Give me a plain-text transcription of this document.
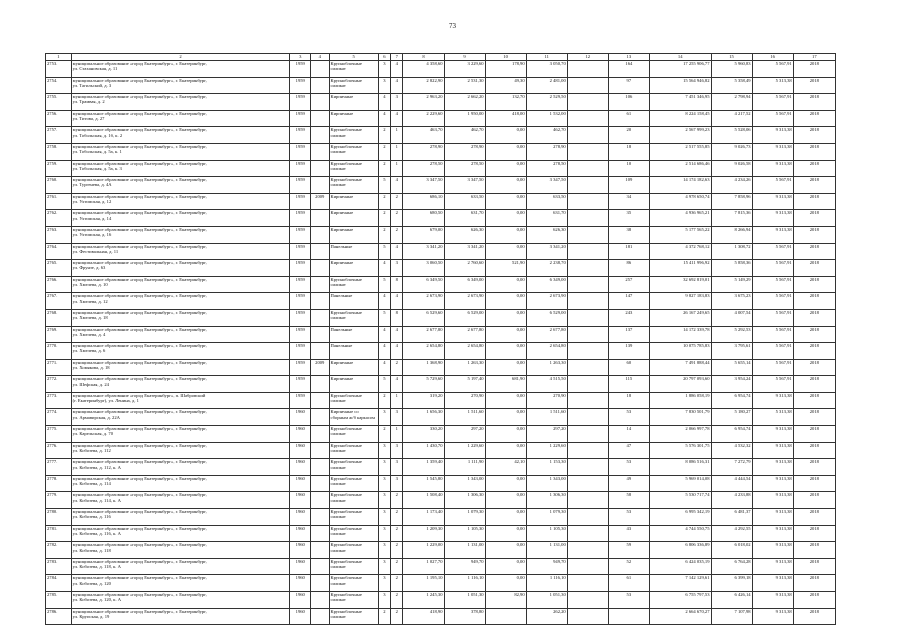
73
1	2	3	4	5	6	7	8	9	10	11	12	13	14	15	16	17
2753.	муниципальное образование «город Екатеринбург», г. Екатеринбург,
ул. Стахановская, д. 11	1959		Крупноблочные силикат	3	4	4 358,60	3 229,60	178,90	3 050,70		164	17 255 906,77	5 960,83	5 567,91	2018
2754.	муниципальное образование «город Екатеринбург», г. Екатеринбург,
ул. Тагильский, д. 3	1959		Крупноблочные силикат	3	4	2 822,90	2 531,30	49,30	2 481,00		97	15 564 946,82	5 358,49	5 313,38	2018
2755.	муниципальное образование «город Екатеринбург», г. Екатеринбург,
ул. Трамвая, д. 2	1959		Кирпичные	4	3	2 963,20	2 662,20	132,70	2 529,50		106	7 451 346,95	2 798,94	5 567,91	2018
2756.	муниципальное образование «город Екатеринбург», г. Екатеринбург,
ул. Титова, д. 27	1959		Кирпичные	4	4	2 229,60	1 950,00	418,00	1 532,00		61	8 224 158,45	4 217,52	5 567,91	2018
2757.	муниципальное образование «город Екатеринбург», г. Екатеринбург,
ул. Тобольская, д. 1б, к. 2	1959		Крупноблочные силикат	2	1	463,70	462,70	0,00	462,70		20	2 567 999,23	5 528,06	9 313,38	2018
2758.	муниципальное образование «город Екатеринбург», г. Екатеринбург,
ул. Тобольская, д. 5а, к. 1	1959		Крупноблочные силикат	2	1	278,90	278,90	0,00	278,90		18	2 517 555,85	9 026,73	9 313,38	2018
2759.	муниципальное образование «город Екатеринбург», г. Екатеринбург,
ул. Тобольская, д. 5а, к. 3	1959		Крупноблочные силикат	2	1	278,50	278,50	0,00	278,50		10	2 514 686,46	9 026,58	9 313,38	2018
2760.	муниципальное образование «город Екатеринбург», г. Екатеринбург,
ул. Тургенева, д. 4А	1959		Крупноблочные силикат	5	4	3 347,50	3 347,50	0,00	3 347,50		109	14 174 182,63	4 234,26	5 567,91	2018
2761.	муниципальное образование «город Екатеринбург», г. Екатеринбург,
ул. Ухтомская, д. 12	1959	2009	Кирпичные	2	2	686,10	633,50	0,00	633,50		34	4 978 650,74	7 858,96	9 313,38	2018
2762.	муниципальное образование «город Екатеринбург», г. Екатеринбург,
ул. Ухтомская, д. 14	1959		Кирпичные	2	2	680,50	631,70	0,00	631,70		35	4 936 965,21	7 815,36	9 313,38	2018
2763.	муниципальное образование «город Екатеринбург», г. Екатеринбург,
ул. Ухтомская, д. 16	1959		Кирпичные	2	2	679,00	626,30	0,00	626,30		38	5 177 565,22	8 266,94	9 313,38	2018
2764.	муниципальное образование «город Екатеринбург», г. Екатеринбург,
ул. Фестивальная, д. 11	1959		Панельные	5	4	3 341,20	3 341,20	0,00	3 341,20		181	4 372 768,12	1 308,72	5 567,91	2018
2765.	муниципальное образование «город Екатеринбург», г. Екатеринбург,
ул. Фрунзе, д. 63	1959		Кирпичные	4	3	3 060,50	2 760,60	521,90	2 238,70		86	15 411 996,92	5 858,36	5 567,91	2018
2766.	муниципальное образование «город Екатеринбург», г. Екатеринбург,
ул. Хмелева, д. 10	1959		Крупноблочные силикат	5	8	6 349,50	6 349,00	0,00	6 349,00		257	32 692 819,01	5 149,29	5 567,91	2018
2767.	муниципальное образование «город Екатеринбург», г. Екатеринбург,
ул. Хмелева, д. 12	1959		Панельные	4	4	2 673,90	2 673,90	0,00	2 673,90		147	9 827 183,83	3 675,23	5 567,91	2018
2768.	муниципальное образование «город Екатеринбург», г. Екатеринбург,
ул. Хмелева, д. 18	1959		Крупноблочные силикат	5	8	6 529,60	6 529,00	0,00	6 529,00		243	26 167 249,65	4 007,54	5 567,91	2018
2769.	муниципальное образование «город Екатеринбург», г. Екатеринбург,
ул. Хмелева, д. 4	1959		Панельные	4	4	2 677,80	2 677,80	0,00	2 677,80		137	14 172 339,78	5 292,53	5 567,91	2018
2770.	муниципальное образование «город Екатеринбург», г. Екатеринбург,
ул. Хмелева, д. 6	1959		Панельные	4	4	2 654,80	2 654,80	0,00	2 654,80		139	10 075 785,83	3 795,61	5 567,91	2018
2771.	муниципальное образование «город Екатеринбург», г. Екатеринбург,
ул. Хомякова, д. 18	1959	2009	Кирпичные	4	2	1 368,90	1 263,30	0,00	1 263,30		60	7 491 888,44	5 655,14	5 567,91	2018
2772.	муниципальное образование «город Екатеринбург», г. Екатеринбург,
ул. Шефская, д. 24	1959		Кирпичные	5	4	5 729,60	5 197,40	681,90	4 515,50		115	20 797 093,60	3 954,24	5 567,91	2018
2773.	муниципальное образование «город Екатеринбург», п. Шабровский
(г. Екатеринбург), ул. Ленина, д. 1	1959		Крупноблочные силикат	2	1	319,20	270,90	0,00	270,90		18	1 886 058,19	6 954,74	9 313,38	2018
2774.	муниципальное образование «город Екатеринбург», г. Екатеринбург,
ул. Армавирская, д. 22А	1960		Кирпичные со сборным ж/б каркасом	3	3	1 656,30	1 511,60	0,00	1 511,60		53	7 830 501,79	5 180,27	5 313,38	2018
2775.	муниципальное образование «город Екатеринбург», г. Екатеринбург,
ул. Карельская, д. 70	1960		Крупноблочные силикат	2	1	330,20	297,20	0,00	297,20		14	2 066 997,78	6 954,74	9 313,38	2018
2776.	муниципальное образование «город Екатеринбург», г. Екатеринбург,
ул. Кобозева, д. 112	1960		Крупноблочные силикат	3	3	1 430,70	1 229,60	0,00	1 229,60		47	5 576 301,75	4 532,32	9 313,38	2018
2777.	муниципальное образование «город Екатеринбург», г. Екатеринбург,
ул. Кобозева, д. 112, к. А	1960		Крупноблочные силикат	3	3	1 359,40	1 111,90	42,10	1 153,30		53	8 086 516,31	7 272,79	9 313,38	2018
2778.	муниципальное образование «город Екатеринбург», г. Екатеринбург,
ул. Кобозева, д. 114	1960		Крупноблочные силикат	3	3	1 545,80	1 343,00	0,00	1 343,00		49	5 969 014,08	4 444,54	9 313,38	2018
2779.	муниципальное образование «город Екатеринбург», г. Екатеринбург,
ул. Кобозева, д. 114, к. А	1960		Крупноблочные силикат	3	2	1 508,40	1 306,30	0,00	1 306,30		58	5 530 717,74	4 233,88	9 313,38	2018
2780.	муниципальное образование «город Екатеринбург», г. Екатеринбург,
ул. Кобозева, д. 116	1960		Крупноблочные силикат	3	2	1 173,40	1 079,30	0,00	1 079,30		53	6 995 342,19	6 481,37	9 313,38	2018
2781.	муниципальное образование «город Екатеринбург», г. Екатеринбург,
ул. Кобозева, д. 116, к. А	1960		Крупноблочные силикат	3	2	1 209,30	1 105,30	0,00	1 105,30		43	4 744 550,75	4 292,55	9 313,38	2018
2782.	муниципальное образование «город Екатеринбург», г. Екатеринбург,
ул. Кобозева, д. 118	1960		Крупноблочные силикат	3	2	1 229,00	1 131,00	0,00	1 131,00		59	6 806 336,89	6 018,02	9 313,38	2018
2783.	муниципальное образование «город Екатеринбург», г. Екатеринбург,
ул. Кобозева, д. 118, к. А	1960		Крупноблочные силикат	3	2	1 027,70	949,70	0,00	949,70		52	6 424 035,19	6 764,28	9 313,38	2018
2784.	муниципальное образование «город Екатеринбург», г. Екатеринбург,
ул. Кобозева, д. 120	1960		Крупноблочные силикат	3	2	1 195,10	1 116,10	0,00	1 116,10		61	7 142 129,61	6 399,18	9 313,38	2018
2785.	муниципальное образование «город Екатеринбург», г. Екатеринбург,
ул. Кобозева, д. 120, к. А	1960		Крупноблочные силикат	3	2	1 245,30	1 051,30	82,90	1 051,30		53	6 755 797,53	6 426,14	9 313,38	2018
2786.	муниципальное образование «город Екатеринбург», г. Екатеринбург,
ул. Крупская, д. 19	1960		Крупноблочные силикат	2	2	418,90	378,80		262,20			2 664 670,27	7 107,98	9 313,38	2018
